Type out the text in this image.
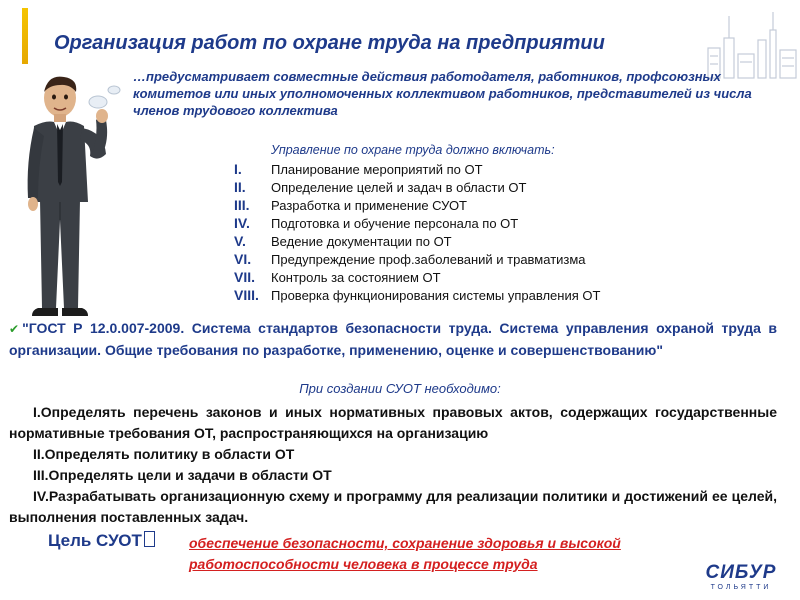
Организация работ по охране труда на предприятии

…предусматривает совместные действия работодателя, работников, профсоюзных комитетов или иных уполномоченных коллективом работников, представителей из числа членов трудового коллектива

Управление по охране труда должно включать:
I. Планирование мероприятий по ОТ
II. Определение целей и задач в области ОТ
III. Разработка и применение СУОТ
IV. Подготовка и обучение персонала по ОТ
V. Ведение документации по ОТ
VI. Предупреждение проф.заболеваний и травматизма
VII. Контроль за состоянием ОТ
VIII. Проверка функционирования системы управления ОТ

✔ "ГОСТ Р 12.0.007-2009. Система стандартов безопасности труда. Система управления охраной труда в организации. Общие требования по разработке, применению, оценке и совершенствованию"

При создании СУОТ необходимо:

I.Определять перечень законов и иных нормативных правовых актов, содержащих государственные нормативные требования ОТ, распространяющихся на организацию

II.Определять политику в области ОТ

III.Определять цели и задачи в области ОТ

IV.Разрабатывать организационную схему и программу для реализации политики и достижений ее целей, выполнения поставленных задач.

Цель СУОТ	обеспечение безопасности, сохранение здоровья и высокой работоспособности человека в процессе труда	СИБУР
ТОЛЬЯТТИ
